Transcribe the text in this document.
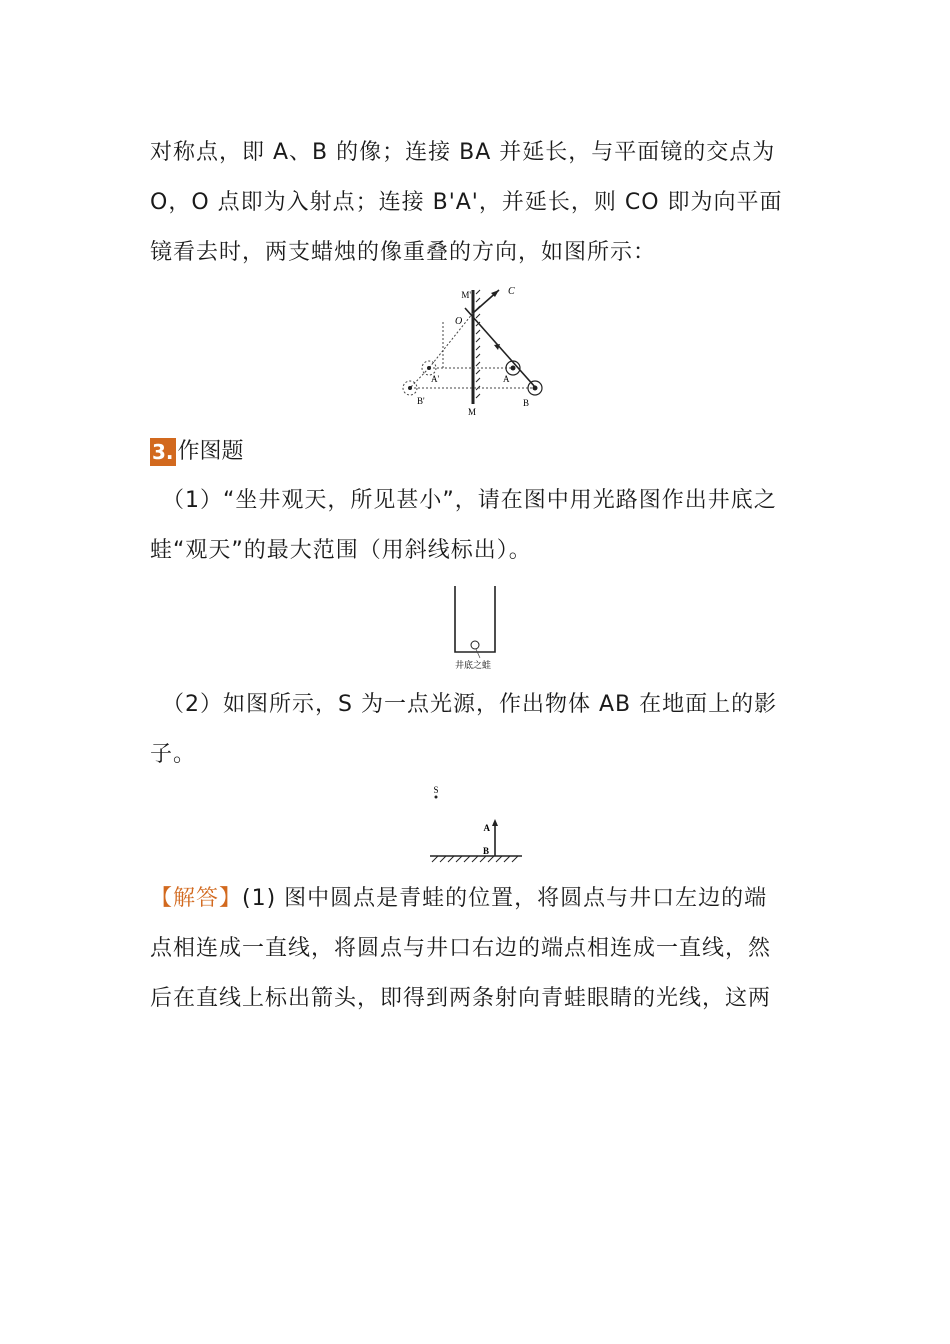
对称点，即 A、B 的像；连接 BA 并延长，与平面镜的交点为
O，O 点即为入射点；连接 B'A'，并延长，则 CO 即为向平面
镜看去时，两支蜡烛的像重叠的方向，如图所示：
M'	C
O
A'	A
B'
M
B
3. 作图题
（1）“坐井观天，所见甚小”，请在图中用光路图作出井底之
蛙“观天”的最大范围（用斜线标出）。
井底之蛙
（2）如图所示，S 为一点光源，作出物体 AB 在地面上的影
子。
S
A
B
【解答】(1) 图中圆点是青蛙的位置，将圆点与井口左边的端
点相连成一直线，将圆点与井口右边的端点相连成一直线，然
后在直线上标出箭头，即得到两条射向青蛙眼睛的光线，这两
